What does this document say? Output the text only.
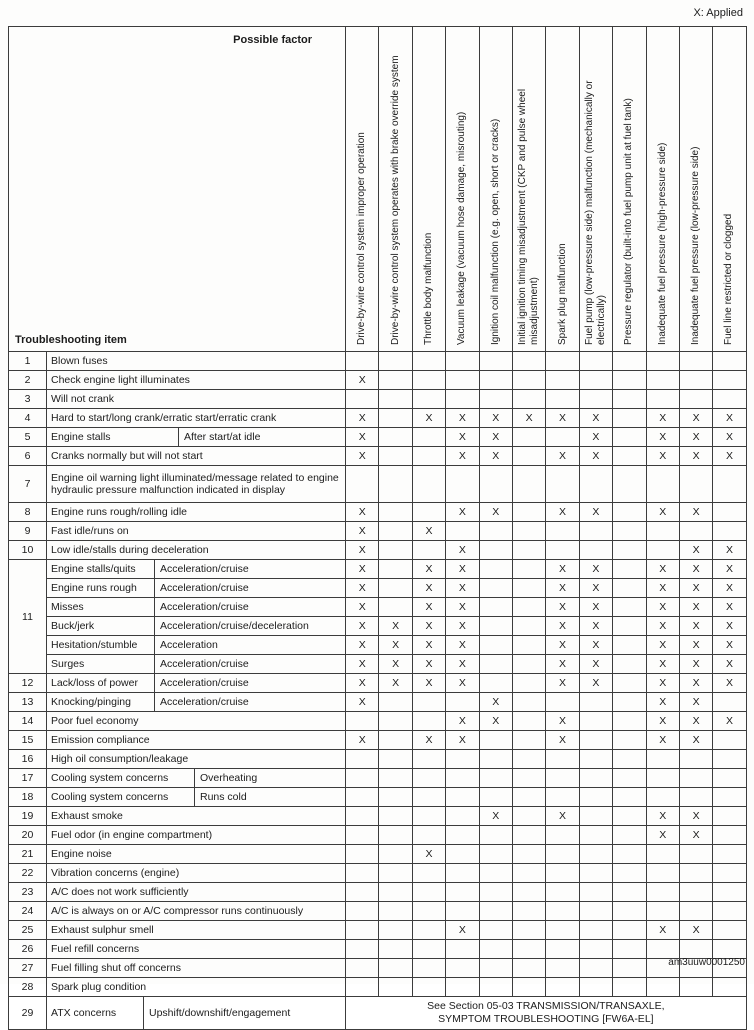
X: Applied
Possible factor
Troubleshooting item		Drive-by-wire control system improper operation	Drive-by-wire control system operates with brake override system	Throttle body malfunction	Vacuum leakage (vacuum hose damage, misrouting)	Ignition coil malfunction (e.g. open, short or cracks)	Initial ignition timing misadjustment (CKP and pulse wheel misadjustment)	Spark plug malfunction	Fuel pump (low-pressure side) malfunction (mechanically or electrically)	Pressure regulator (built-into fuel pump unit at fuel tank)	Inadequate fuel pressure (high-pressure side)	Inadequate fuel pressure (low-pressure side)	Fuel line restricted or clogged

1	Blown fuses												
2	Check engine light illuminates	X											
3	Will not crank												
4	Hard to start/long crank/erratic start/erratic crank	X		X	X	X	X	X	X		X	X	X
5	Engine stalls After start/at idle	X			X	X			X		X	X	X
6	Cranks normally but will not start	X			X	X		X	X		X	X	X
7	Engine oil warning light illuminated/message related to engine hydraulic pressure malfunction indicated in display												
8	Engine runs rough/rolling idle	X			X	X		X	X		X	X	
9	Fast idle/runs on	X		X									
10	Low idle/stalls during deceleration	X			X							X	X
11	Engine stalls/quits Acceleration/cruise	X		X	X			X	X		X	X	X

Engine runs rough Acceleration/cruise	X		X	X			X	X		X	X	X

Misses Acceleration/cruise	X		X	X			X	X		X	X	X

Buck/jerk Acceleration/cruise/deceleration	X	X	X	X			X	X		X	X	X

Hesitation/stumble Acceleration	X	X	X	X			X	X		X	X	X

Surges Acceleration/cruise	X	X	X	X			X	X		X	X	X
12	Lack/loss of power Acceleration/cruise	X	X	X	X			X	X		X	X	X
13	Knocking/pinging Acceleration/cruise	X				X					X	X	
14	Poor fuel economy				X	X		X			X	X	X
15	Emission compliance	X		X	X			X			X	X	
16	High oil consumption/leakage												
17	Cooling system concerns Overheating												

18	Cooling system concerns Runs cold												

19	Exhaust smoke					X		X			X	X	
20	Fuel odor (in engine compartment)										X	X	
21	Engine noise			X									
22	Vibration concerns (engine)												
23	A/C does not work sufficiently												
24	A/C is always on or A/C compressor runs continuously												
25	Exhaust sulphur smell				X						X	X	
26	Fuel refill concerns												
27	Fuel filling shut off concerns												
28	Spark plug condition												
29	ATX concerns	Upshift/downshift/engagement

See Section 05-03 TRANSMISSION/TRANSAXLE,
SYMPTOM TROUBLESHOOTING [FW6A-EL]
am3uuw0001250
